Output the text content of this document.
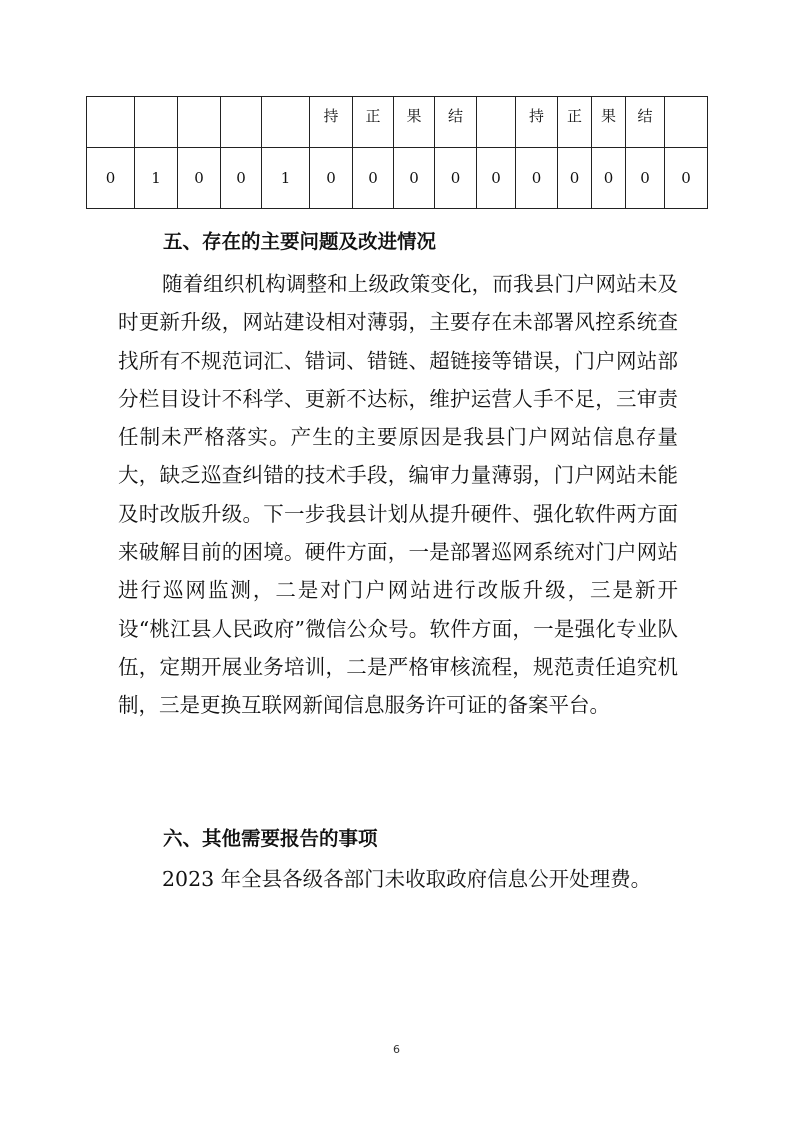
					持	正	果	结		持	正	果	结	
0	1	0	0	1	0	0	0	0	0	0	0	0	0	0
五、存在的主要问题及改进情况

随着组织机构调整和上级政策变化，而我县门户网站未及时更新升级，网站建设相对薄弱，主要存在未部署风控系统查找所有不规范词汇、错词、错链、超链接等错误，门户网站部分栏目设计不科学、更新不达标，维护运营人手不足，三审责任制未严格落实。产生的主要原因是我县门户网站信息存量大，缺乏巡查纠错的技术手段，编审力量薄弱，门户网站未能及时改版升级。下一步我县计划从提升硬件、强化软件两方面来破解目前的困境。硬件方面，一是部署巡网系统对门户网站进行巡网监测，二是对门户网站进行改版升级，三是新开设“桃江县人民政府”微信公众号。软件方面，一是强化专业队伍，定期开展业务培训，二是严格审核流程，规范责任追究机制，三是更换互联网新闻信息服务许可证的备案平台。

六、其他需要报告的事项

2023 年全县各级各部门未收取政府信息公开处理费。

6
